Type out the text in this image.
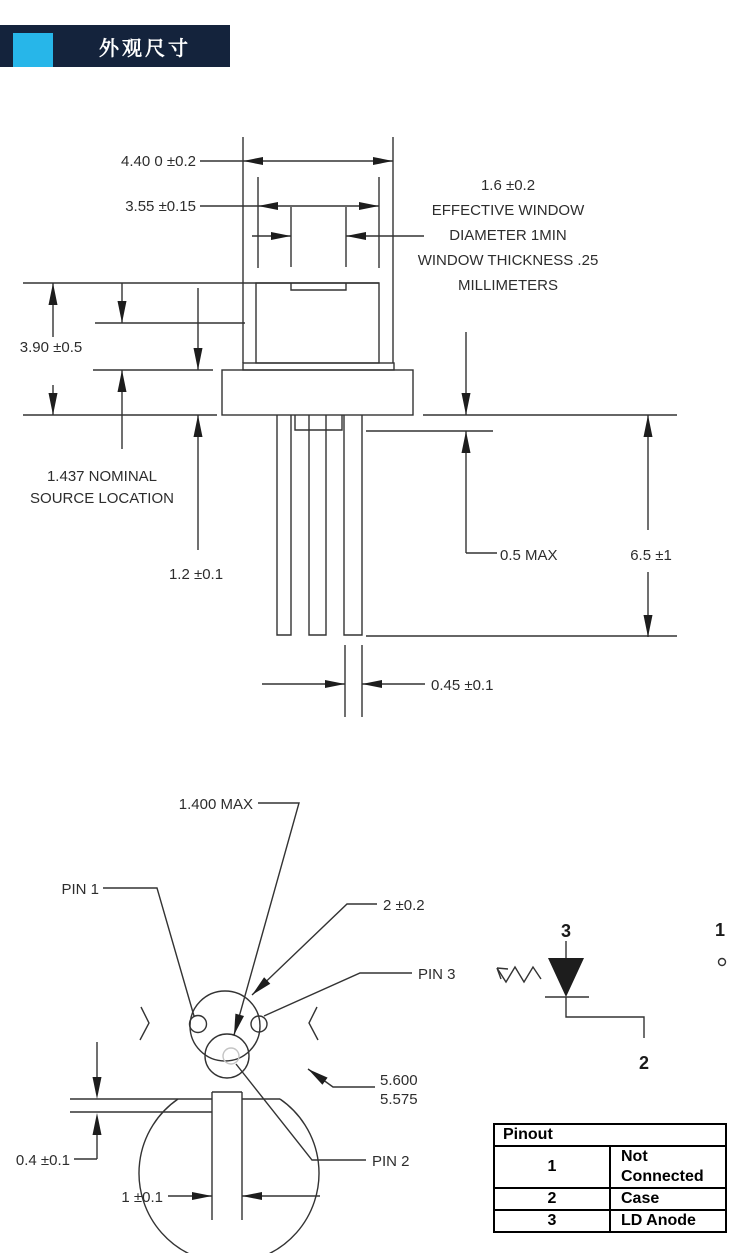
外观尺寸
4.40 0 ±0.2
3.55 ±0.15
1.6 ±0.2
EFFECTIVE WINDOW
DIAMETER 1MIN
WINDOW THICKNESS .25
MILLIMETERS
3.90 ±0.5
1.437 NOMINAL
SOURCE LOCATION
1.2 ±0.1
0.5 MAX	6.5 ±1
0.45 ±0.1
1.400 MAX
PIN 1
2 ±0.2
PIN 3
5.600
5.575
PIN 2
0.4 ±0.1
1 ±0.1
3	1
2
Pinout	
1	Not Connected
2	Case
3	LD Anode
